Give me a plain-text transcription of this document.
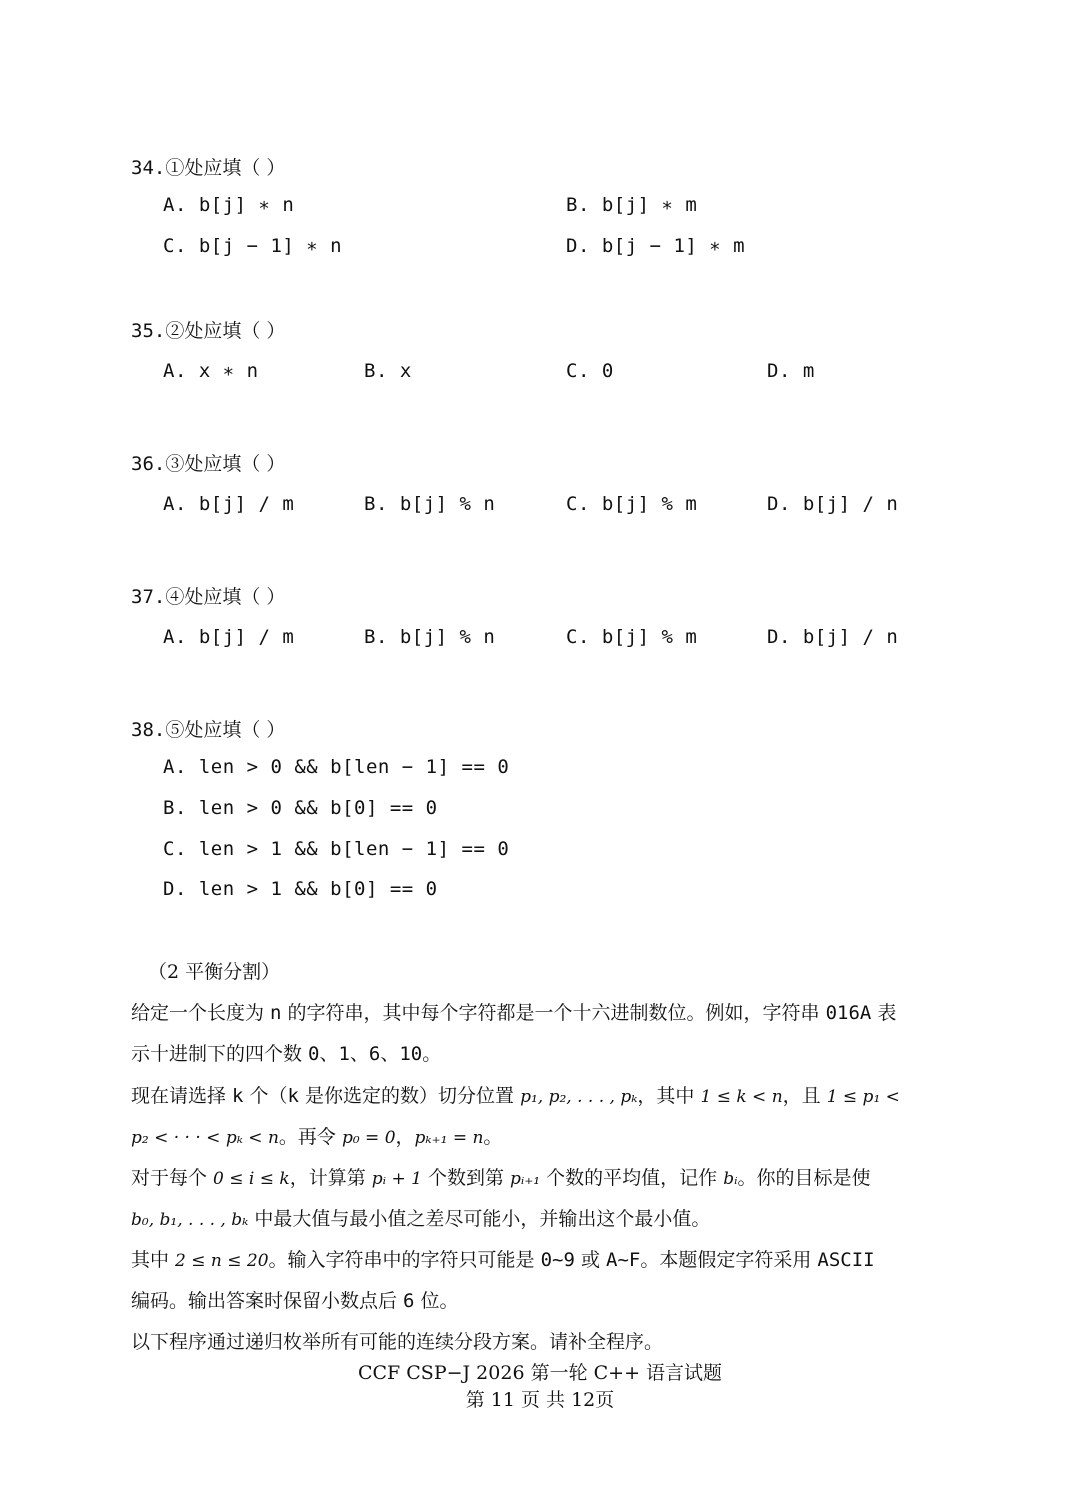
34.①处应填（ ）
A. b[j] ∗ n	B. b[j] ∗ m
C. b[j − 1] ∗ n	D. b[j − 1] ∗ m
35.②处应填（ ）
A. x ∗ n	B. x	C. 0	D. m
36.③处应填（ ）
A. b[j] / m	B. b[j] % n	C. b[j] % m	D. b[j] / n
37.④处应填（ ）
A. b[j] / m	B. b[j] % n	C. b[j] % m	D. b[j] / n
38.⑤处应填（ ）
A. len > 0 && b[len − 1] == 0
B. len > 0 && b[0] == 0
C. len > 1 && b[len − 1] == 0
D. len > 1 && b[0] == 0
（2 平衡分割）
给定一个长度为 n 的字符串，其中每个字符都是一个十六进制数位。例如，字符串 016A 表
示十进制下的四个数 0、1、6、10。
现在请选择 k 个（k 是你选定的数）切分位置 p₁, p₂, . . . , pₖ，其中 1 ≤ k < n，且 1 ≤ p₁ <
p₂ < · · · < pₖ < n。再令 p₀ = 0，pₖ₊₁ = n。
对于每个 0 ≤ i ≤ k，计算第 pᵢ + 1 个数到第 pᵢ₊₁ 个数的平均值，记作 bᵢ。你的目标是使
b₀, b₁, . . . , bₖ 中最大值与最小值之差尽可能小，并输出这个最小值。
其中 2 ≤ n ≤ 20。输入字符串中的字符只可能是 0~9 或 A~F。本题假定字符采用 ASCII
编码。输出答案时保留小数点后 6 位。
以下程序通过递归枚举所有可能的连续分段方案。请补全程序。
CCF CSP−J 2026 第一轮 C++ 语言试题
第 11 页 共 12页
